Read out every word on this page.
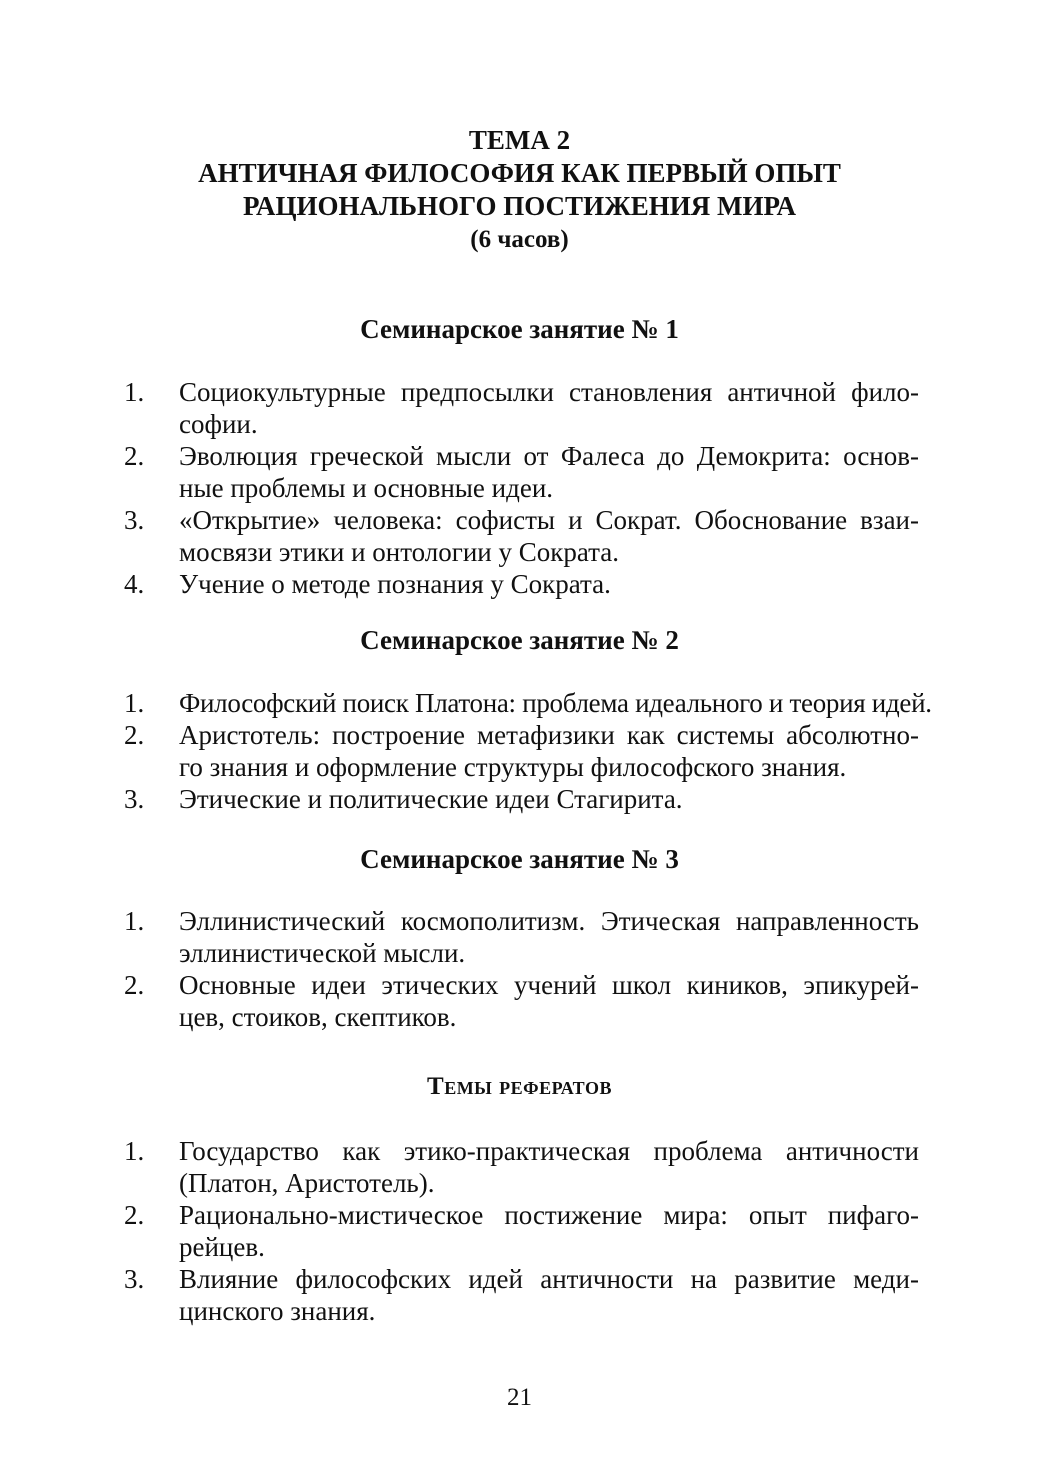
ТЕМА 2
АНТИЧНАЯ ФИЛОСОФИЯ КАК ПЕРВЫЙ ОПЫТ
РАЦИОНАЛЬНОГО ПОСТИЖЕНИЯ МИРА
(6 часов)
Семинарское занятие № 1
1.	Социокультурные предпосылки становления античной фило-
софии.
2.	Эволюция греческой мысли от Фалеса до Демокрита: основ-
ные проблемы и основные идеи.
3.	«Открытие» человека: софисты и Сократ. Обоснование взаи-
мосвязи этики и онтологии у Сократа.
4.	Учение о методе познания у Сократа.
Семинарское занятие № 2
1.	Философский поиск Платона: проблема идеального и теория идей.
2.	Аристотель: построение метафизики как системы абсолютно-
го знания и оформление структуры философского знания.
3.	Этические и политические идеи Стагирита.
Семинарское занятие № 3
1.	Эллинистический космополитизм. Этическая направленность
эллинистической мысли.
2.	Основные идеи этических учений школ киников, эпикурей-
цев, стоиков, скептиков.
Темы рефератов
1.	Государство как этико-практическая проблема античности
(Платон, Аристотель).
2.	Рационально-мистическое постижение мира: опыт пифаго-
рейцев.
3.	Влияние философских идей античности на развитие меди-
цинского знания.
21
